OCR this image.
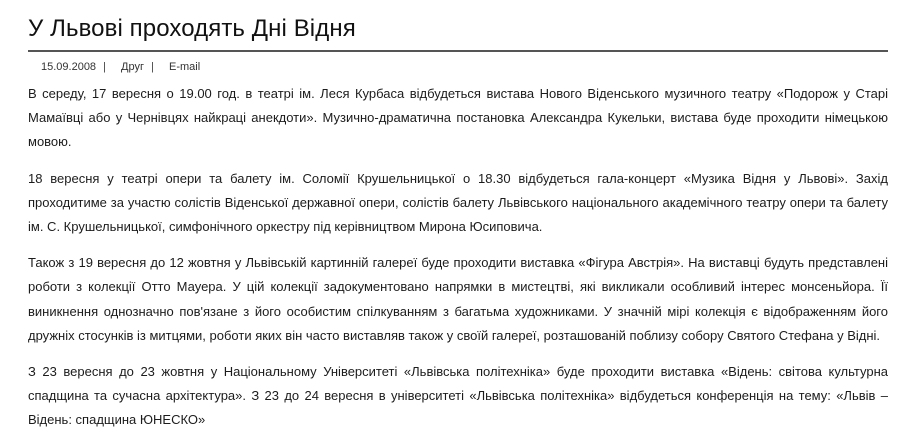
У Львові проходять Дні Відня
15.09.2008 | Друг | E-mail

В середу, 17 вересня о 19.00 год. в театрі ім. Леся Курбаса відбудеться вистава Нового Віденського музичного театру «Подорож у Старі Мамаївці або у Чернівцях найкраці анекдоти». Музично-драматична постановка Александра Кукельки, вистава буде проходити німецькою мовою.

18 вересня у театрі опери та балету ім. Соломії Крушельницької о 18.30 відбудеться гала-концерт «Музика Відня у Львові». Захід проходитиме за участю солістів Віденської державної опери, солістів балету Львівського національного академічного театру опери та балету ім. С. Крушельницької, симфонічного оркестру під керівництвом Мирона Юсиповича.

Також з 19 вересня до 12 жовтня у Львівській картинній галереї буде проходити виставка «Фігура Австрія». На виставці будуть представлені роботи з колекції Отто Мауера. У цій колекції задокументовано напрямки в мистецтві, які викликали особливий інтерес монсеньйора. Її виникнення однозначно пов'язане з його особистим спілкуванням з багатьма художниками. У значній мірі колекція є відображенням його дружніх стосунків із митцями, роботи яких він часто виставляв також у своїй галереї, розташованій поблизу собору Святого Стефана у Відні.

З 23 вересня до 23 жовтня у Національному Університеті «Львівська політехніка» буде проходити виставка «Відень: світова культурна спадщина та сучасна архітектура». З 23 до 24 вересня в університеті «Львівська політехніка» відбудеться конференція на тему: «Львів – Відень: спадщина ЮНЕСКО»
